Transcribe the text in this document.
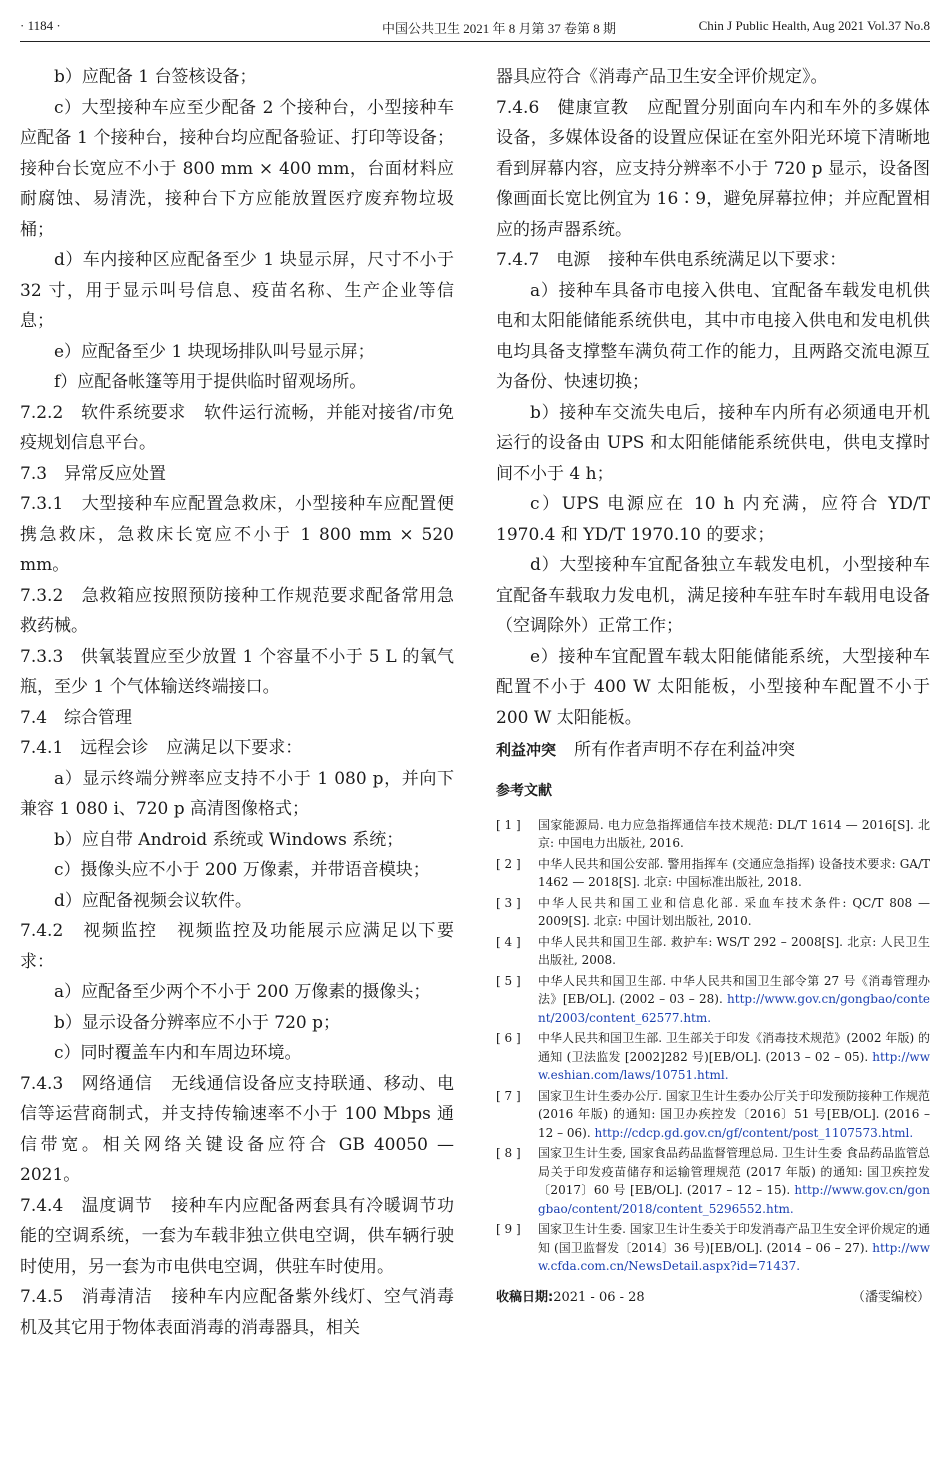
· 1184 ·	中国公共卫生 2021 年 8 月第 37 卷第 8 期	Chin J Public Health, Aug 2021 Vol.37 No.8
b）应配备 1 台签核设备；
c）大型接种车应至少配备 2 个接种台，小型接种车应配备 1 个接种台，接种台均应配备验证、打印等设备；接种台长宽应不小于 800 mm × 400 mm，台面材料应耐腐蚀、易清洗，接种台下方应能放置医疗废弃物垃圾桶；
d）车内接种区应配备至少 1 块显示屏，尺寸不小于 32 寸，用于显示叫号信息、疫苗名称、生产企业等信息；
e）应配备至少 1 块现场排队叫号显示屏；
f）应配备帐篷等用于提供临时留观场所。
7.2.2　软件系统要求 软件运行流畅，并能对接省/市免疫规划信息平台。
7.3　异常反应处置
7.3.1　大型接种车应配置急救床，小型接种车应配置便携急救床，急救床长宽应不小于 1 800 mm × 520 mm。
7.3.2　急救箱应按照预防接种工作规范要求配备常用急救药械。
7.3.3　供氧装置应至少放置 1 个容量不小于 5 L 的氧气瓶，至少 1 个气体输送终端接口。
7.4　综合管理
7.4.1　远程会诊 应满足以下要求：
a）显示终端分辨率应支持不小于 1 080 p，并向下兼容 1 080 i、720 p 高清图像格式；
b）应自带 Android 系统或 Windows 系统；
c）摄像头应不小于 200 万像素，并带语音模块；
d）应配备视频会议软件。
7.4.2　视频监控 视频监控及功能展示应满足以下要求：
a）应配备至少两个不小于 200 万像素的摄像头；
b）显示设备分辨率应不小于 720 p；
c）同时覆盖车内和车周边环境。
7.4.3　网络通信 无线通信设备应支持联通、移动、电信等运营商制式，并支持传输速率不小于 100 Mbps 通信带宽。相关网络关键设备应符合 GB 40050 — 2021。
7.4.4　温度调节 接种车内应配备两套具有冷暖调节功能的空调系统，一套为车载非独立供电空调，供车辆行驶时使用，另一套为市电供电空调，供驻车时使用。
7.4.5　消毒清洁 接种车内应配备紫外线灯、空气消毒机及其它用于物体表面消毒的消毒器具，相关
器具应符合《消毒产品卫生安全评价规定》。
7.4.6　健康宣教 应配置分别面向车内和车外的多媒体设备，多媒体设备的设置应保证在室外阳光环境下清晰地看到屏幕内容，应支持分辨率不小于 720 p 显示，设备图像画面长宽比例宜为 16∶9，避免屏幕拉伸；并应配置相应的扬声器系统。
7.4.7　电源 接种车供电系统满足以下要求：
a）接种车具备市电接入供电、宜配备车载发电机供电和太阳能储能系统供电，其中市电接入供电和发电机供电均具备支撑整车满负荷工作的能力，且两路交流电源互为备份、快速切换；
b）接种车交流失电后，接种车内所有必须通电开机运行的设备由 UPS 和太阳能储能系统供电，供电支撑时间不小于 4 h；
c）UPS 电源应在 10 h 内充满，应符合 YD/T 1970.4 和 YD/T 1970.10 的要求；
d）大型接种车宜配备独立车载发电机，小型接种车宜配备车载取力发电机，满足接种车驻车时车载用电设备（空调除外）正常工作；
e）接种车宜配置车载太阳能储能系统，大型接种车配置不小于 400 W 太阳能板，小型接种车配置不小于 200 W 太阳能板。
利益冲突 所有作者声明不存在利益冲突
参考文献
[ 1 ]	国家能源局. 电力应急指挥通信车技术规范: DL/T 1614 — 2016[S]. 北京: 中国电力出版社, 2016.
[ 2 ]	中华人民共和国公安部. 警用指挥车 (交通应急指挥) 设备技术要求: GA/T 1462 — 2018[S]. 北京: 中国标准出版社, 2018.
[ 3 ]	中华人民共和国工业和信息化部. 采血车技术条件: QC/T 808 — 2009[S]. 北京: 中国计划出版社, 2010.
[ 4 ]	中华人民共和国卫生部. 救护车: WS/T 292 – 2008[S]. 北京: 人民卫生出版社, 2008.
[ 5 ]	中华人民共和国卫生部. 中华人民共和国卫生部令第 27 号《消毒管理办法》[EB/OL]. (2002 – 03 – 28). http://www.gov.cn/gongbao/content/2003/content_62577.htm.
[ 6 ]	中华人民共和国卫生部. 卫生部关于印发《消毒技术规范》(2002 年版) 的通知 (卫法监发 [2002]282 号)[EB/OL]. (2013 – 02 – 05). http://www.eshian.com/laws/10751.html.
[ 7 ]	国家卫生计生委办公厅. 国家卫生计生委办公厅关于印发预防接种工作规范 (2016 年版) 的通知: 国卫办疾控发〔2016〕51 号[EB/OL]. (2016 – 12 – 06). http://cdcp.gd.gov.cn/gf/content/post_1107573.html.
[ 8 ]	国家卫生计生委, 国家食品药品监督管理总局. 卫生计生委 食品药品监管总局关于印发疫苗储存和运输管理规范 (2017 年版) 的通知: 国卫疾控发〔2017〕60 号 [EB/OL]. (2017 – 12 – 15). http://www.gov.cn/gongbao/content/2018/content_5296552.htm.
[ 9 ]	国家卫生计生委. 国家卫生计生委关于印发消毒产品卫生安全评价规定的通知 (国卫监督发〔2014〕36 号)[EB/OL]. (2014 – 06 – 27). http://www.cfda.com.cn/NewsDetail.aspx?id=71437.
收稿日期:2021 - 06 - 28	（潘雯编校）
